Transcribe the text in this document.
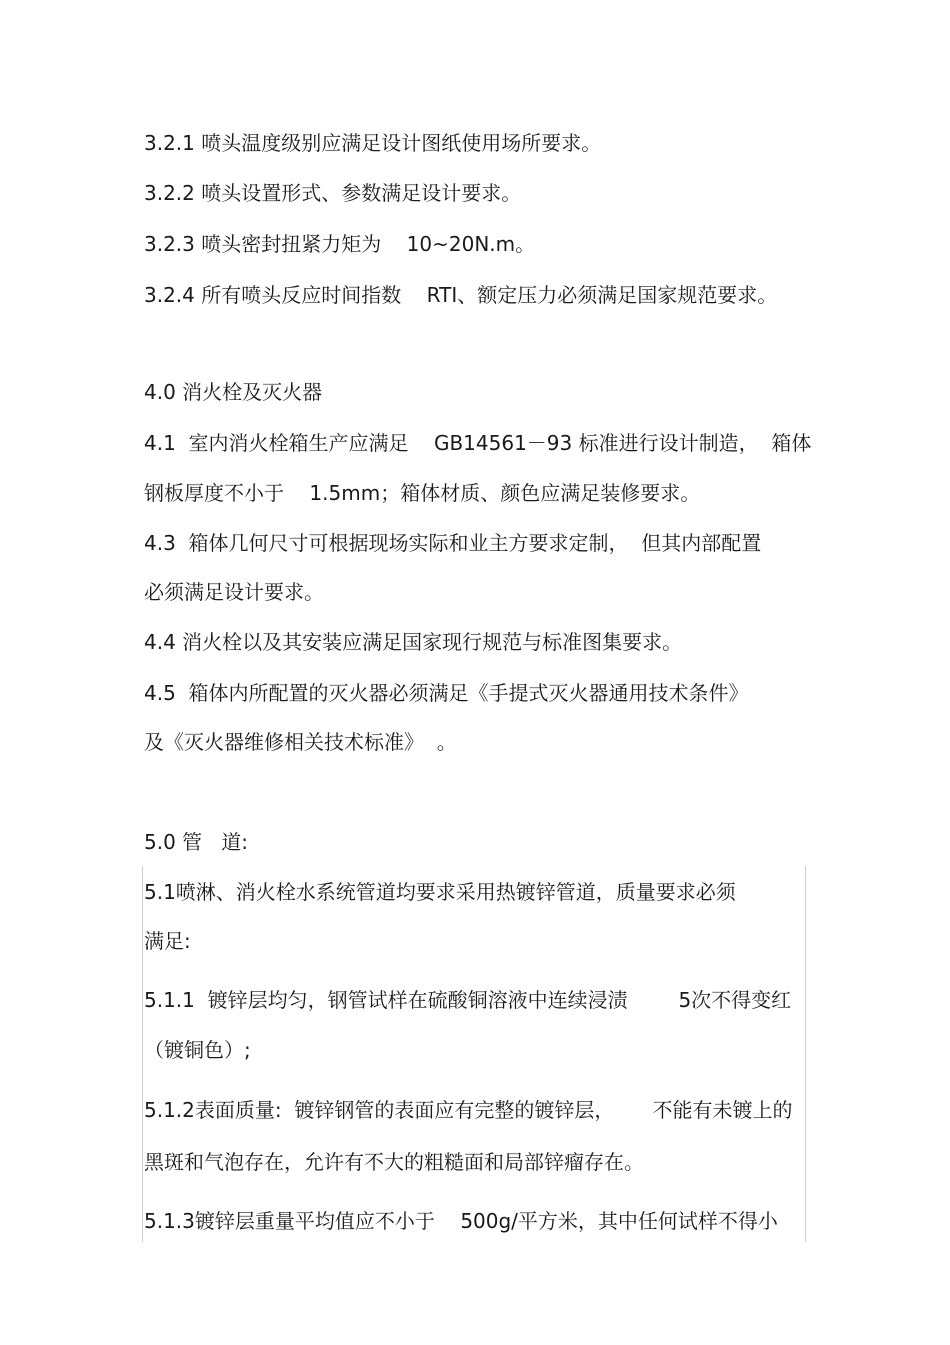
3.2.1 喷头温度级别应满足设计图纸使用场所要求。

3.2.2 喷头设置形式、参数满足设计要求。

3.2.3 喷头密封扭紧力矩为    10~20N.m。

3.2.4 所有喷头反应时间指数    RTI、额定压力必须满足国家规范要求。

4.0 消火栓及灭火器

4.1  室内消火栓箱生产应满足    GB14561－93 标准进行设计制造，  箱体

钢板厚度不小于    1.5mm；箱体材质、颜色应满足装修要求。

4.3  箱体几何尺寸可根据现场实际和业主方要求定制，  但其内部配置

必须满足设计要求。

4.4 消火栓以及其安装应满足国家现行规范与标准图集要求。

4.5  箱体内所配置的灭火器必须满足《手提式灭火器通用技术条件》

及《灭火器维修相关技术标准》  。

5.0 管   道:

5.1喷淋、消火栓水系统管道均要求采用热镀锌管道，质量要求必须

满足:

5.1.1  镀锌层均匀，钢管试样在硫酸铜溶液中连续浸渍        5次不得变红

（镀铜色）;

5.1.2表面质量:  镀锌钢管的表面应有完整的镀锌层，      不能有未镀上的

黑斑和气泡存在，允许有不大的粗糙面和局部锌瘤存在。

5.1.3镀锌层重量平均值应不小于    500g/平方米，其中任何试样不得小
